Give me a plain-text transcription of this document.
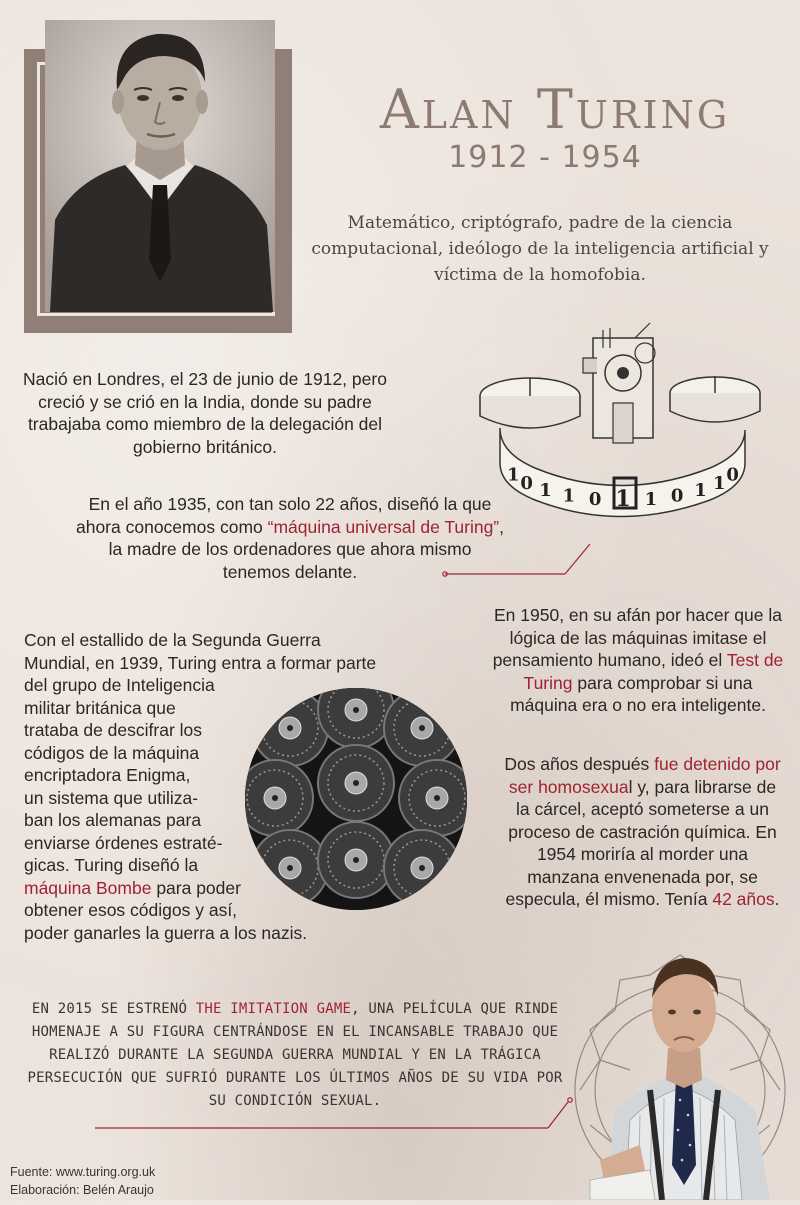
Alan Turing
1912 - 1954
Matemático, criptógrafo, padre de la ciencia computacional, ideólogo de la inteligencia artificial y víctima de la homofobia.
Nació en Londres, el 23 de junio de 1912, pero creció y se crió en la India, donde su padre trabajaba como miembro de la delegación del gobierno británico.
1 0 1 1 0 1 1 0 1 1 0
En el año 1935, con tan solo 22 años, diseñó la que ahora conocemos como “máquina universal de Turing”, la madre de los ordenadores que ahora mismo tenemos delante.
Con el estallido de la Segunda Guerra
Mundial, en 1939, Turing entra a formar parte
del grupo de Inteligencia
militar británica que
trataba de descifrar los
códigos de la máquina
encriptadora Enigma,
un sistema que utiliza-
ban los alemanas para
enviarse órdenes estraté-
gicas. Turing diseñó la
máquina Bombe para poder
obtener esos códigos y así,
poder ganarles la guerra a los nazis.
En 1950, en su afán por hacer que la lógica de las máquinas imitase el pensamiento humano, ideó el Test de Turing para comprobar si una máquina era o no era inteligente.
Dos años después fue detenido por ser homosexual y, para librarse de la cárcel, aceptó someterse a un proceso de castración química. En 1954 moriría al morder una manzana envenenada por, se especula, él mismo. Tenía 42 años.
EN 2015 SE ESTRENÓ THE IMITATION GAME, UNA PELÍCULA QUE RINDE HOMENAJE A SU FIGURA CENTRÁNDOSE EN EL INCANSABLE TRABAJO QUE REALIZÓ DURANTE LA SEGUNDA GUERRA MUNDIAL Y EN LA TRÁGICA PERSECUCIÓN QUE SUFRIÓ DURANTE LOS ÚLTIMOS AÑOS DE SU VIDA POR SU CONDICIÓN SEXUAL.
Fuente: www.turing.org.uk
Elaboración: Belén Araujo
